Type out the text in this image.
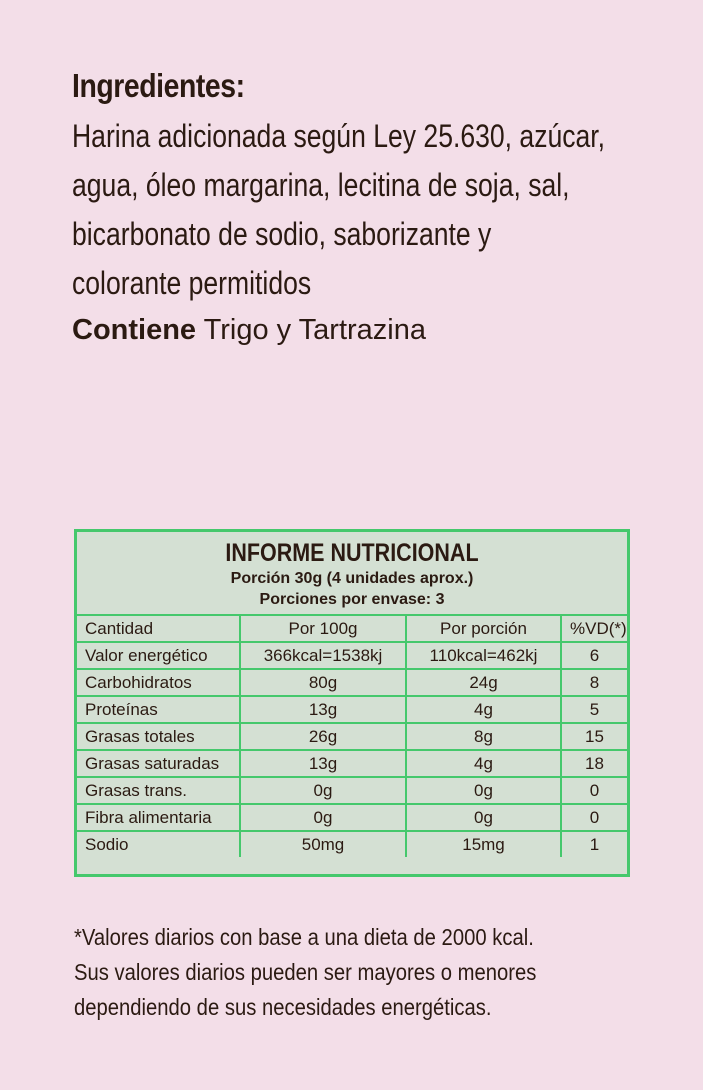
Ingredientes:
Harina adicionada según Ley 25.630, azúcar,
agua, óleo margarina, lecitina de soja, sal,
bicarbonato de sodio, saborizante y
colorante permitidos
Contiene Trigo y Tartrazina
INFORME NUTRICIONAL
Porción 30g (4 unidades aprox.)
Porciones por envase: 3
Cantidad	Por 100g	Por porción	%VD(*)
Valor energético	366kcal=1538kj	110kcal=462kj	6
Carbohidratos	80g	24g	8
Proteínas	13g	4g	5
Grasas totales	26g	8g	15
Grasas saturadas	13g	4g	18
Grasas trans.	0g	0g	0
Fibra alimentaria	0g	0g	0
Sodio	50mg	15mg	1
*Valores diarios con base a una dieta de 2000 kcal.
Sus valores diarios pueden ser mayores o menores
dependiendo de sus necesidades energéticas.
